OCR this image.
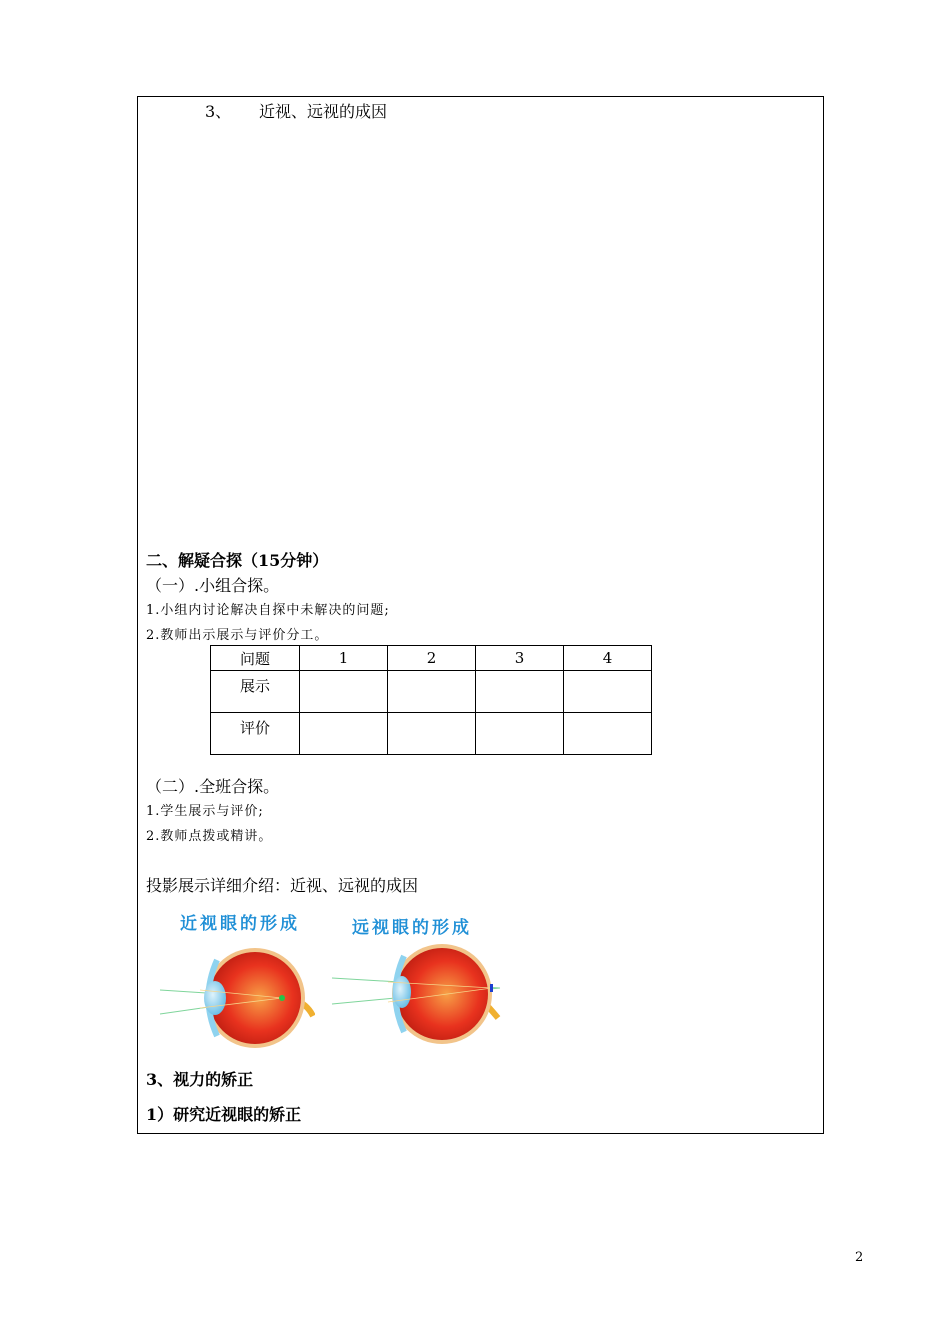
3、 近视、远视的成因
二、解疑合探（15分钟）
（一）.小组合探。
1.小组内讨论解决自探中未解决的问题;
2.教师出示展示与评价分工。
问题	1	2	3	4
展示				
评价				
（二）.全班合探。
1.学生展示与评价;
2.教师点拨或精讲。
投影展示详细介绍：近视、远视的成因
近视眼的形成	远视眼的形成
3、视力的矫正
1）研究近视眼的矫正
2
